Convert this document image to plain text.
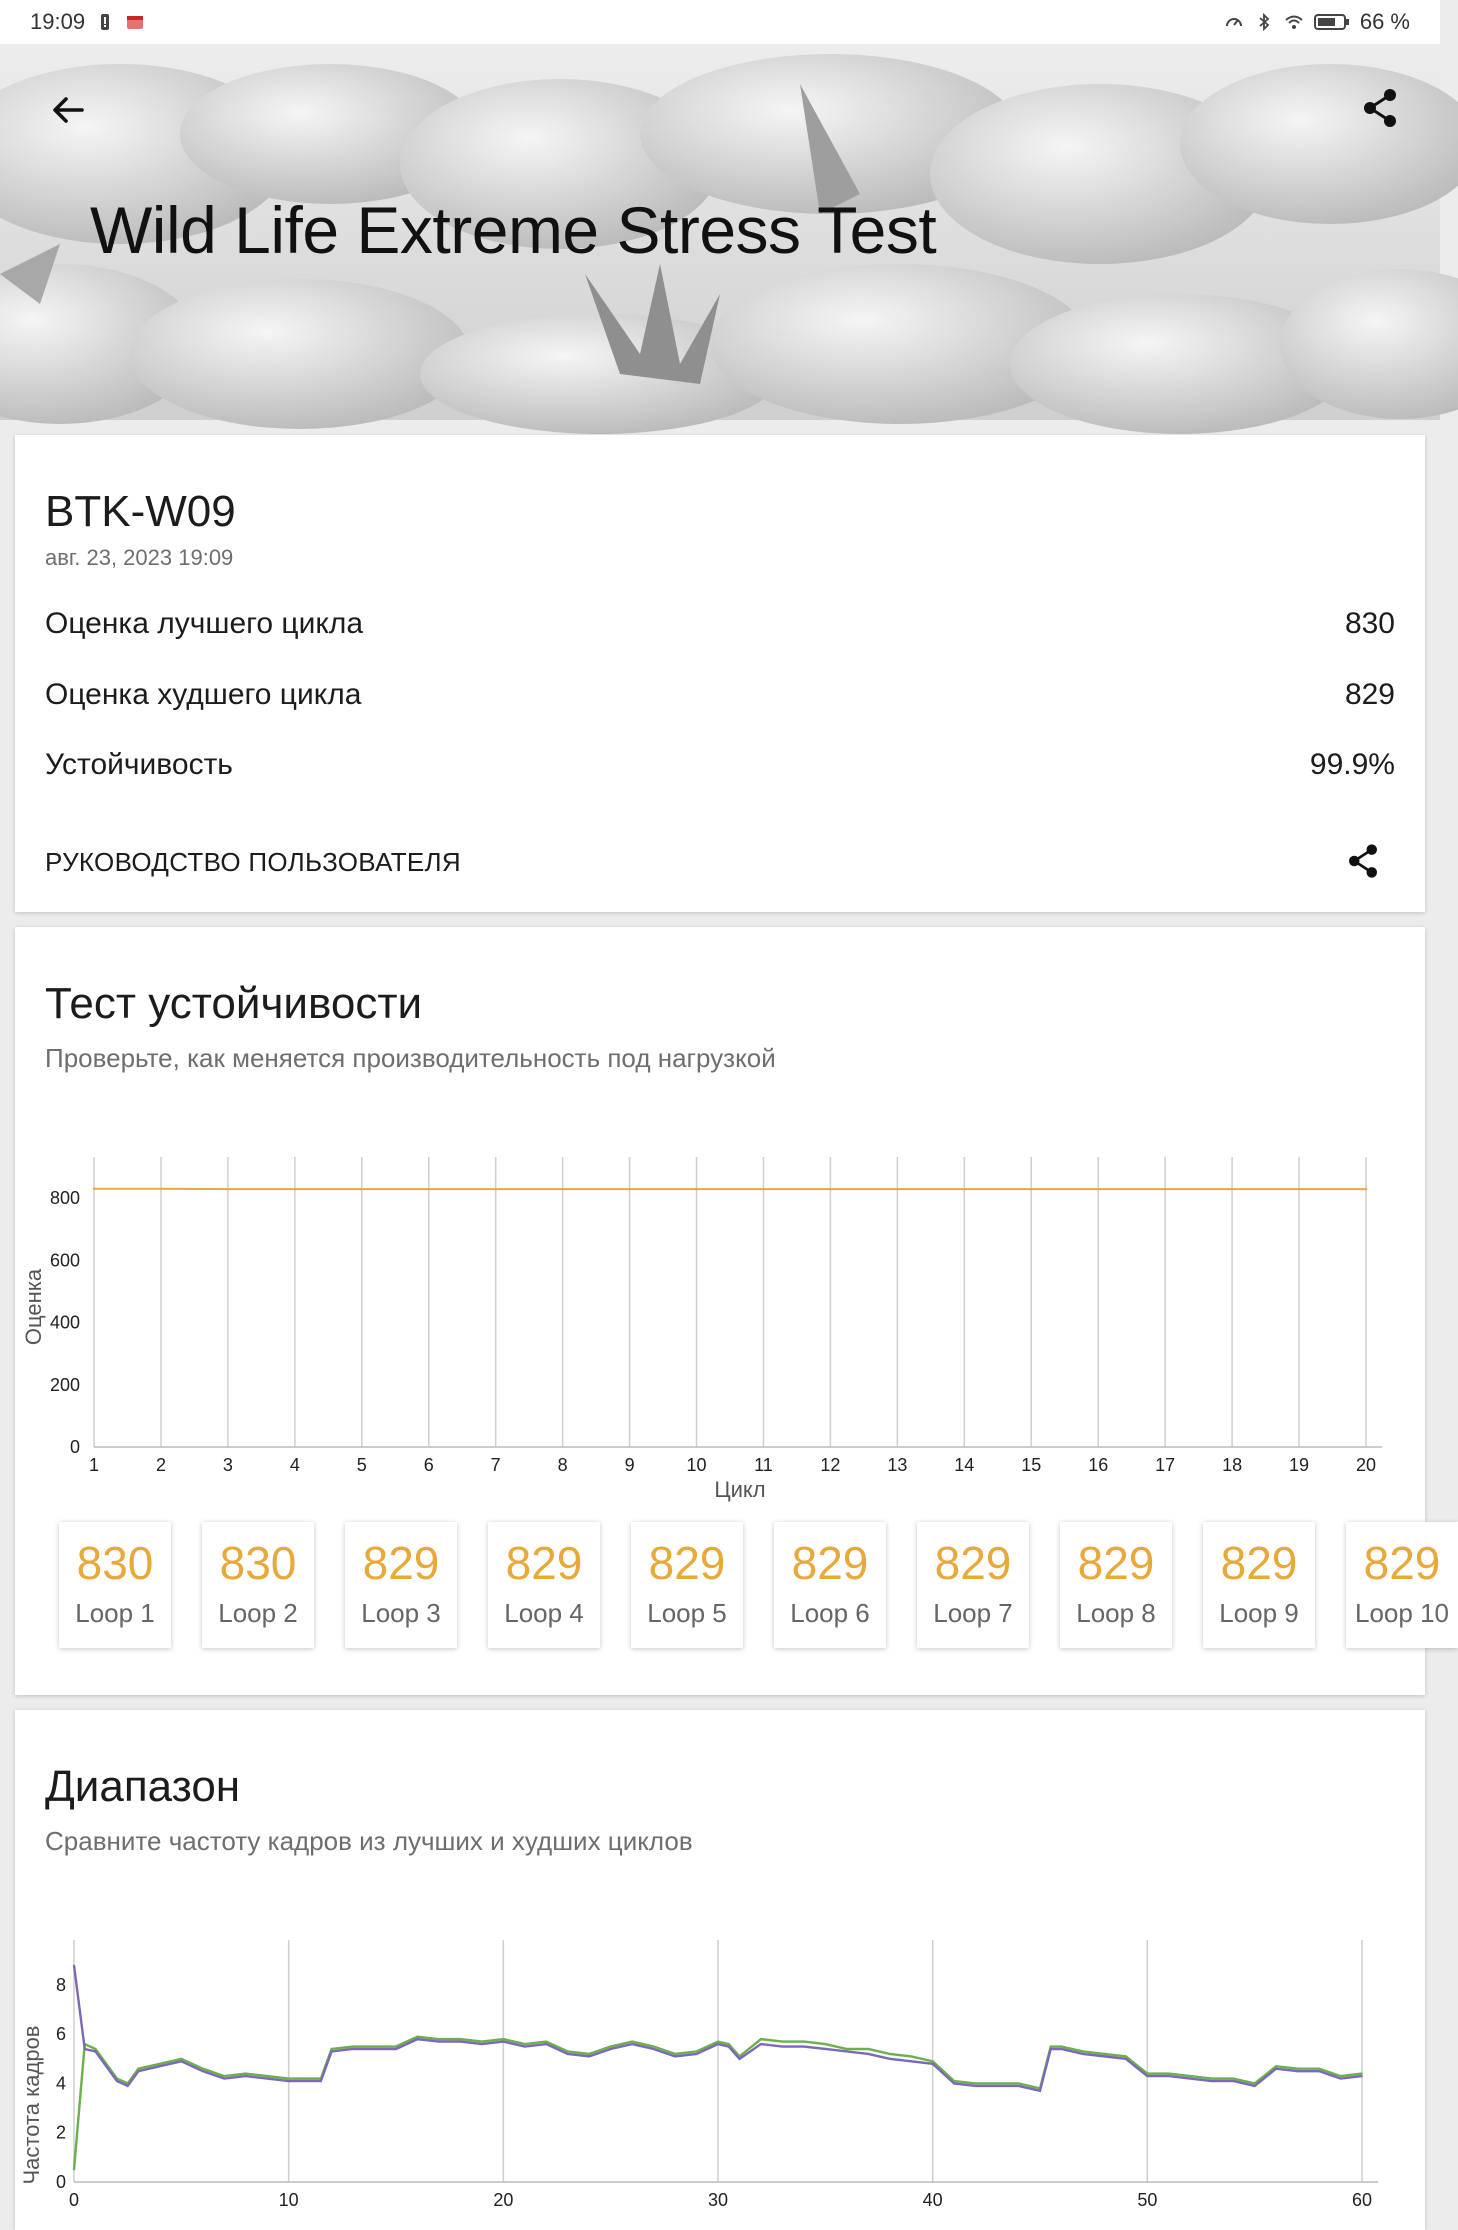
19:09	66 %
Wild Life Extreme Stress Test
BTK-W09
авг. 23, 2023 19:09
Оценка лучшего цикла	830
Оценка худшего цикла	829
Устойчивость	99.9%
РУКОВОДСТВО ПОЛЬЗОВАТЕЛЯ
Тест устойчивости
Проверьте, как меняется производительность под нагрузкой
1	2	3	4	5	6	7	8	9	10	11	12	13	14	15	16	17	18	19	20
0
200
400
600
800
Цикл
Оценка
830
Loop 1
830
Loop 2
829
Loop 3
829
Loop 4
829
Loop 5
829
Loop 6
829
Loop 7
829
Loop 8
829
Loop 9
829
Loop 10
Диапазон
Сравните частоту кадров из лучших и худших циклов
0	10	20	30	40	50	60
0
2
4
6
8
Частота кадров
